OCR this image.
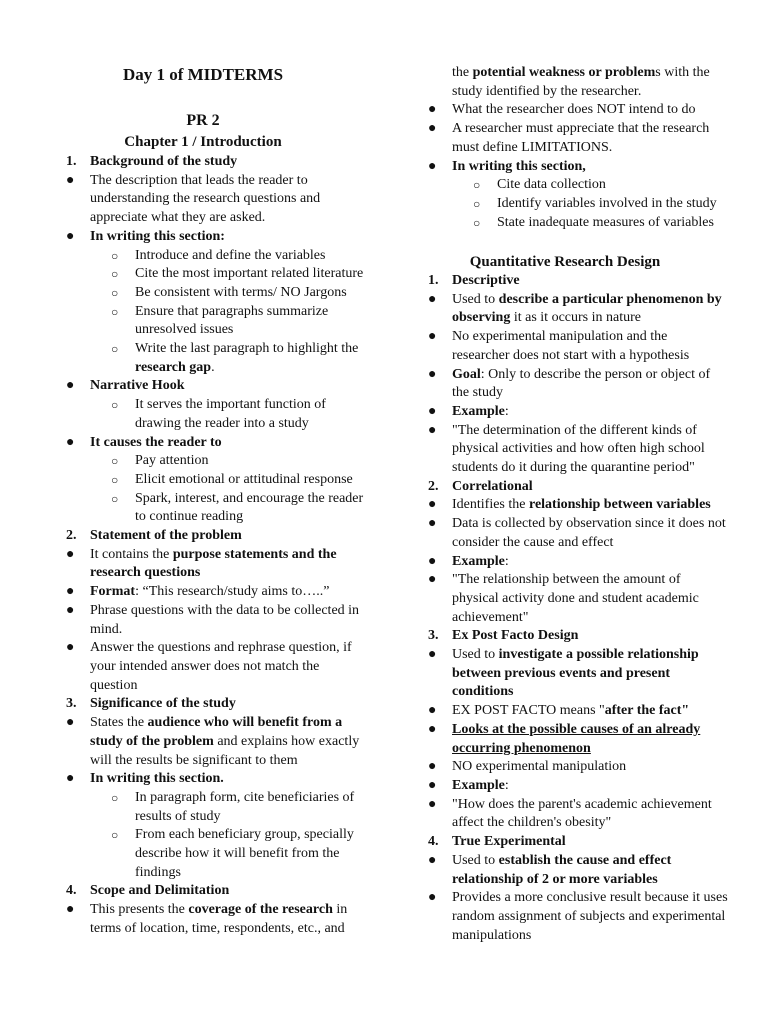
Day 1 of MIDTERMS
PR 2
Chapter 1 / Introduction

1. Background of the study

●	The description that leads the reader to understanding the research questions and appreciate what they are asked.

●	In writing this section:

○ Introduce and define the variables

○ Cite the most important related literature

○ Be consistent with terms/ NO Jargons

○ Ensure that paragraphs summarize unresolved issues

○ Write the last paragraph to highlight the research gap.

●	Narrative Hook

○ It serves the important function of drawing the reader into a study

●	It causes the reader to

○ Pay attention

○ Elicit emotional or attitudinal response

○ Spark, interest, and encourage the reader to continue reading

2. Statement of the problem

●	It contains the purpose statements and the research questions

●	Format: “This research/study aims to…..”

●	Phrase questions with the data to be collected in mind.

●	Answer the questions and rephrase question, if your intended answer does not match the question

3. Significance of the study

●	States the audience who will benefit from a study of the problem and explains how exactly will the results be significant to them

●	In writing this section.

○ In paragraph form, cite beneficiaries of results of study

○ From each beneficiary group, specially describe how it will benefit from the findings

4. Scope and Delimitation

●	This presents the coverage of the research in terms of location, time, respondents, etc., and

the potential weakness or problems with the study identified by the researcher.

●	What the researcher does NOT intend to do

●	A researcher must appreciate that the research must define LIMITATIONS.

●	In writing this section,

○ Cite data collection

○ Identify variables involved in the study

○ State inadequate measures of variables

Quantitative Research Design

1. Descriptive

●	Used to describe a particular phenomenon by observing it as it occurs in nature

●	No experimental manipulation and the researcher does not start with a hypothesis

●	Goal: Only to describe the person or object of the study

●	Example:

●	"The determination of the different kinds of physical activities and how often high school students do it during the quarantine period"

2. Correlational

●	Identifies the relationship between variables

●	Data is collected by observation since it does not consider the cause and effect

●	Example:

●	"The relationship between the amount of physical activity done and student academic achievement"

3. Ex Post Facto Design

●	Used to investigate a possible relationship between previous events and present conditions

●	EX POST FACTO means "after the fact"

●	Looks at the possible causes of an already occurring phenomenon

●	NO experimental manipulation

●	Example:

●	"How does the parent's academic achievement affect the children's obesity"

4. True Experimental

●	Used to establish the cause and effect relationship of 2 or more variables

●	Provides a more conclusive result because it uses random assignment of subjects and experimental manipulations
